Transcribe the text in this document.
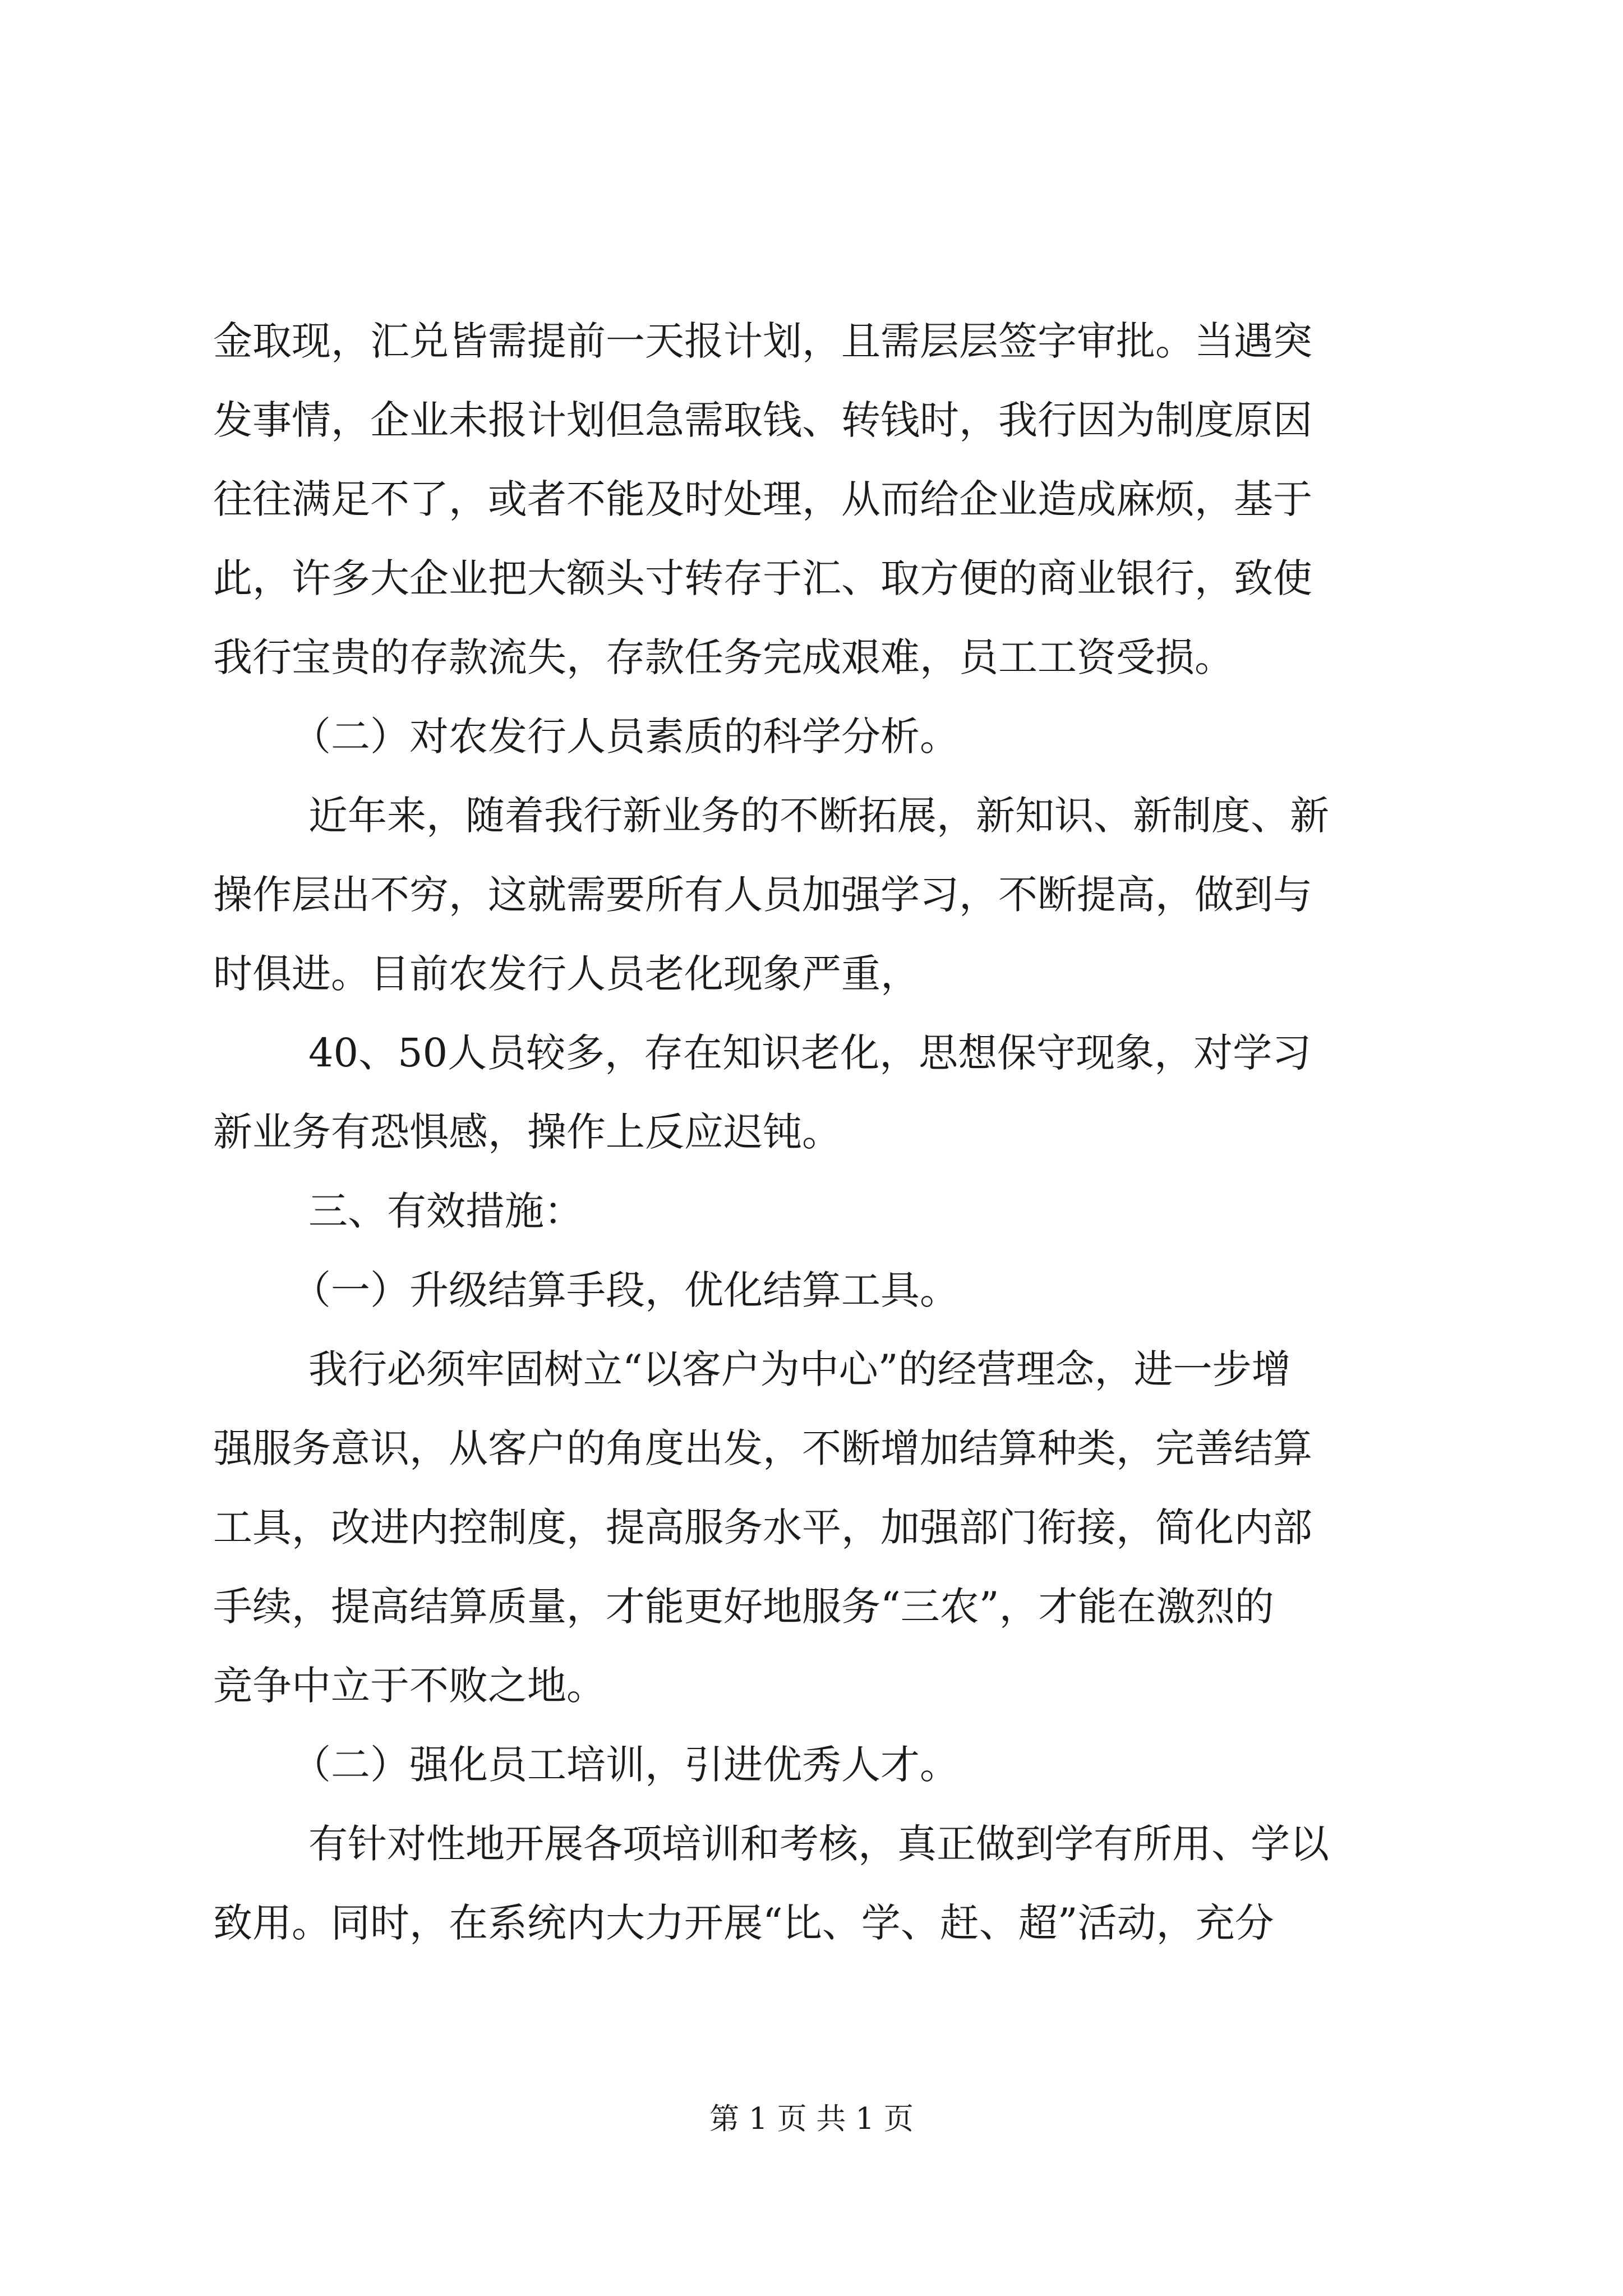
金取现，汇兑皆需提前一天报计划，且需层层签字审批。当遇突

发事情，企业未报计划但急需取钱、转钱时，我行因为制度原因

往往满足不了，或者不能及时处理，从而给企业造成麻烦，基于

此，许多大企业把大额头寸转存于汇、取方便的商业银行，致使

我行宝贵的存款流失，存款任务完成艰难，员工工资受损。

（二）对农发行人员素质的科学分析。

近年来，随着我行新业务的不断拓展，新知识、新制度、新

操作层出不穷，这就需要所有人员加强学习，不断提高，做到与

时俱进。目前农发行人员老化现象严重，

40、50人员较多，存在知识老化，思想保守现象，对学习

新业务有恐惧感，操作上反应迟钝。

三、有效措施：

（一）升级结算手段，优化结算工具。

我行必须牢固树立“以客户为中心”的经营理念，进一步增

强服务意识，从客户的角度出发，不断增加结算种类，完善结算

工具，改进内控制度，提高服务水平，加强部门衔接，简化内部

手续，提高结算质量，才能更好地服务“三农”，才能在激烈的

竞争中立于不败之地。

（二）强化员工培训，引进优秀人才。

有针对性地开展各项培训和考核，真正做到学有所用、学以

致用。同时，在系统内大力开展“比、学、赶、超”活动，充分

第 1 页 共 1 页
